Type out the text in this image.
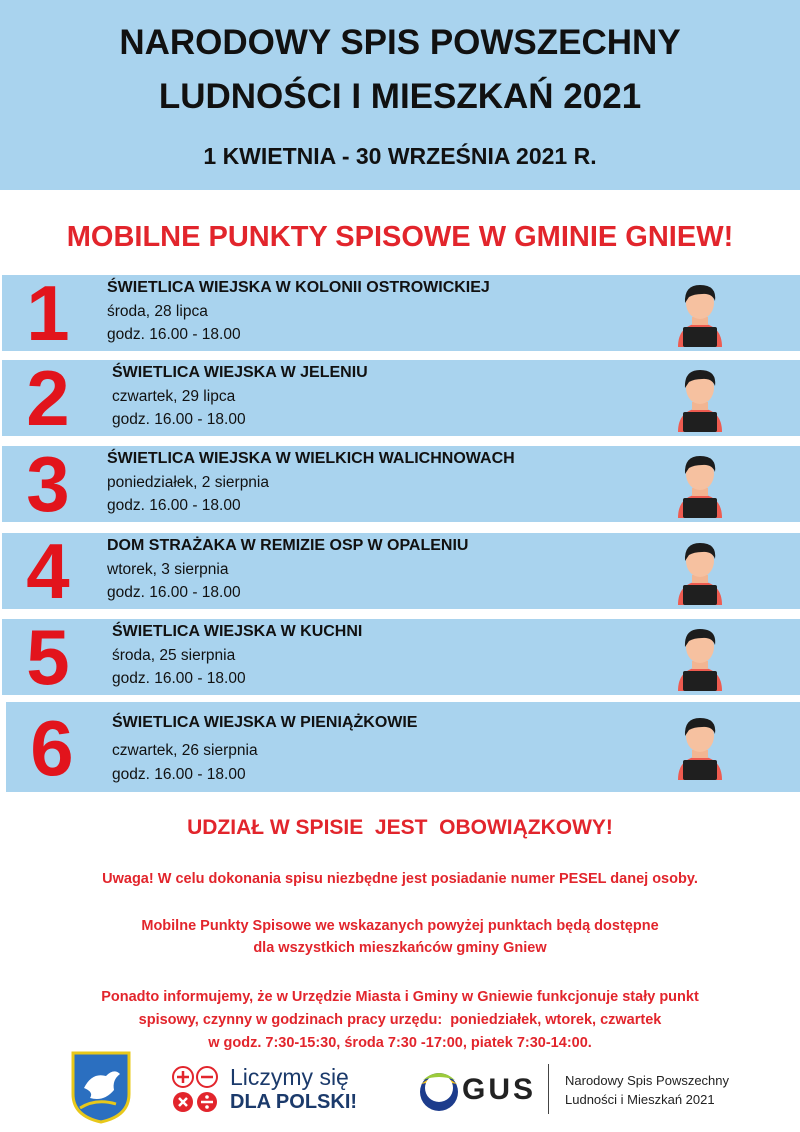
NARODOWY SPIS POWSZECHNY
LUDNOŚCI I MIESZKAŃ 2021
1 KWIETNIA - 30 WRZEŚNIA 2021 R.
MOBILNE PUNKTY SPISOWE W GMINIE GNIEW!
1	ŚWIETLICA WIEJSKA W KOLONII OSTROWICKIEJ
środa, 28 lipca
godz. 16.00 - 18.00
2	ŚWIETLICA WIEJSKA W JELENIU
czwartek, 29 lipca
godz. 16.00 - 18.00
3	ŚWIETLICA WIEJSKA W WIELKICH WALICHNOWACH
poniedziałek, 2 sierpnia
godz. 16.00 - 18.00
4	DOM STRAŻAKA W REMIZIE OSP W OPALENIU
wtorek, 3 sierpnia
godz. 16.00 - 18.00
5	ŚWIETLICA WIEJSKA W KUCHNI
środa, 25 sierpnia
godz. 16.00 - 18.00
6	ŚWIETLICA WIEJSKA W PIENIĄŻKOWIE
czwartek, 26 sierpnia
godz. 16.00 - 18.00
UDZIAŁ W SPISIE  JEST  OBOWIĄZKOWY!
Uwaga! W celu dokonania spisu niezbędne jest posiadanie numer PESEL danej osoby.
Mobilne Punkty Spisowe we wskazanych powyżej punktach będą dostępne
dla wszystkich mieszkańców gminy Gniew
Ponadto informujemy, że w Urzędzie Miasta i Gminy w Gniewie funkcjonuje stały punkt
spisowy, czynny w godzinach pracy urzędu:  poniedziałek, wtorek, czwartek
w godz. 7:30-15:30, środa 7:30 -17:00, piatek 7:30-14:00.
Liczymy się
DLA POLSKI!	GUS Narodowy Spis Powszechny
Ludności i Mieszkań 2021
